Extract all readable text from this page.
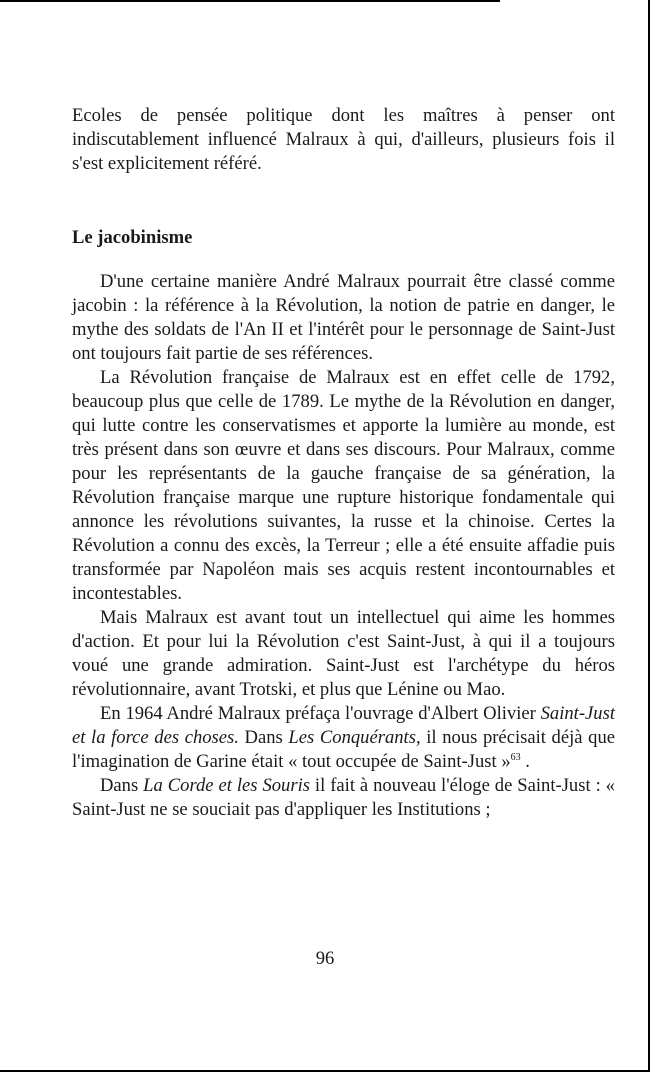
Ecoles de pensée politique dont les maîtres à penser ont indiscutablement influencé Malraux à qui, d'ailleurs, plusieurs fois il s'est explicitement référé.

Le jacobinisme

D'une certaine manière André Malraux pourrait être classé comme jacobin : la référence à la Révolution, la notion de patrie en danger, le mythe des soldats de l'An II et l'intérêt pour le personnage de Saint-Just ont toujours fait partie de ses références.

La Révolution française de Malraux est en effet celle de 1792, beaucoup plus que celle de 1789. Le mythe de la Révolution en danger, qui lutte contre les conservatismes et apporte la lumière au monde, est très présent dans son œuvre et dans ses discours. Pour Malraux, comme pour les représentants de la gauche française de sa génération, la Révolution française marque une rupture historique fondamentale qui annonce les révolutions suivantes, la russe et la chinoise. Certes la Révolution a connu des excès, la Terreur ; elle a été ensuite affadie puis transformée par Napoléon mais ses acquis restent incontournables et incontestables.

Mais Malraux est avant tout un intellectuel qui aime les hommes d'action. Et pour lui la Révolution c'est Saint-Just, à qui il a toujours voué une grande admiration. Saint-Just est l'archétype du héros révolutionnaire, avant Trotski, et plus que Lénine ou Mao.

En 1964 André Malraux préfaça l'ouvrage d'Albert Olivier Saint-Just et la force des choses. Dans Les Conquérants, il nous précisait déjà que l'imagination de Garine était « tout occupée de Saint-Just »$^{63}$ .

Dans La Corde et les Souris il fait à nouveau l'éloge de Saint-Just : « Saint-Just ne se souciait pas d'appliquer les Institutions ;

96
